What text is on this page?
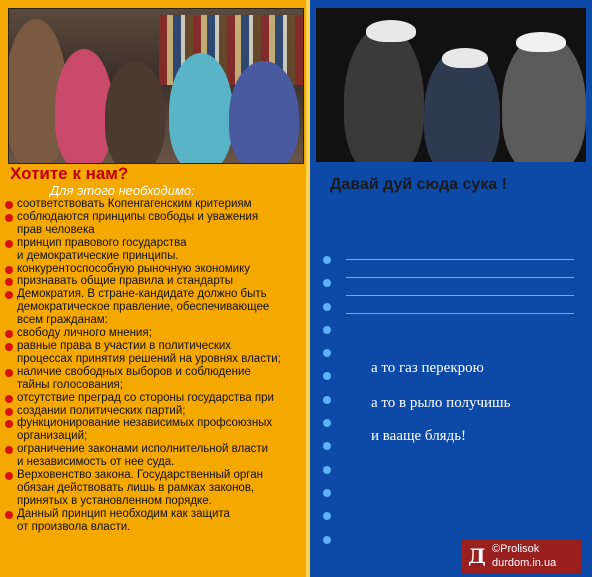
Хотите к нам?
Для этого необходимо:
соответствовать Копенгагенским критериям
соблюдаются принципы свободы и уважения
прав человека
принцип правового государства
и демократические принципы.
конкурентоспособную рыночную экономику
признавать общие правила и стандарты
Демократия. В стране-кандидате должно быть
демократическое правление, обеспечивающее
всем гражданам:
свободу личного мнения;
равные права в участии в политических
процессах принятия решений на уровнях власти;
наличие свободных выборов и соблюдение
тайны голосования;
отсутствие преград со стороны государства при
создании политических партий;
функционирование независимых профсоюзных
организаций;
ограничение законами исполнительной власти
и независимость от нее суда.
Верховенство закона. Государственный орган
обязан действовать лишь в рамках законов,
принятых в установленном порядке.
Данный принцип необходим как защита
от произвола власти.
Давай дуй сюда сука !
а то газ перекрою
а то в рыло получишь
и вааще блядь!
Д ©Prolisok
durdom.in.ua
